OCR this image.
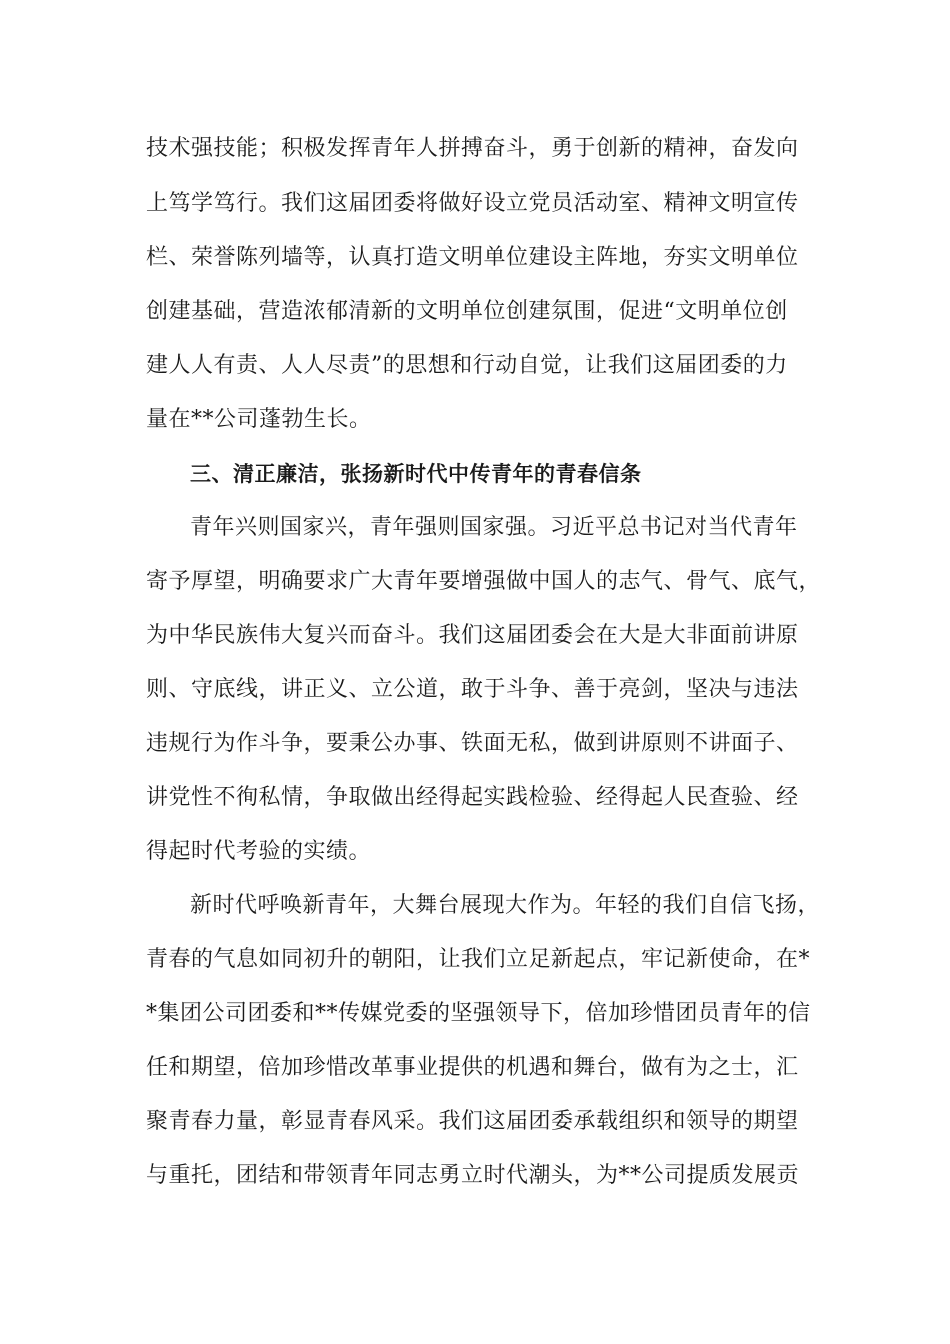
技术强技能；积极发挥青年人拼搏奋斗，勇于创新的精神，奋发向
上笃学笃行。我们这届团委将做好设立党员活动室、精神文明宣传
栏、荣誉陈列墙等，认真打造文明单位建设主阵地，夯实文明单位
创建基础，营造浓郁清新的文明单位创建氛围，促进“文明单位创
建人人有责、人人尽责”的思想和行动自觉，让我们这届团委的力
量在**公司蓬勃生长。
三、清正廉洁，张扬新时代中传青年的青春信条
青年兴则国家兴，青年强则国家强。习近平总书记对当代青年
寄予厚望，明确要求广大青年要增强做中国人的志气、骨气、底气，
为中华民族伟大复兴而奋斗。我们这届团委会在大是大非面前讲原
则、守底线，讲正义、立公道，敢于斗争、善于亮剑，坚决与违法
违规行为作斗争，要秉公办事、铁面无私，做到讲原则不讲面子、
讲党性不徇私情，争取做出经得起实践检验、经得起人民查验、经
得起时代考验的实绩。
新时代呼唤新青年，大舞台展现大作为。年轻的我们自信飞扬，
青春的气息如同初升的朝阳，让我们立足新起点，牢记新使命，在*
*集团公司团委和**传媒党委的坚强领导下，倍加珍惜团员青年的信
任和期望，倍加珍惜改革事业提供的机遇和舞台，做有为之士，汇
聚青春力量，彰显青春风采。我们这届团委承载组织和领导的期望
与重托，团结和带领青年同志勇立时代潮头，为**公司提质发展贡
